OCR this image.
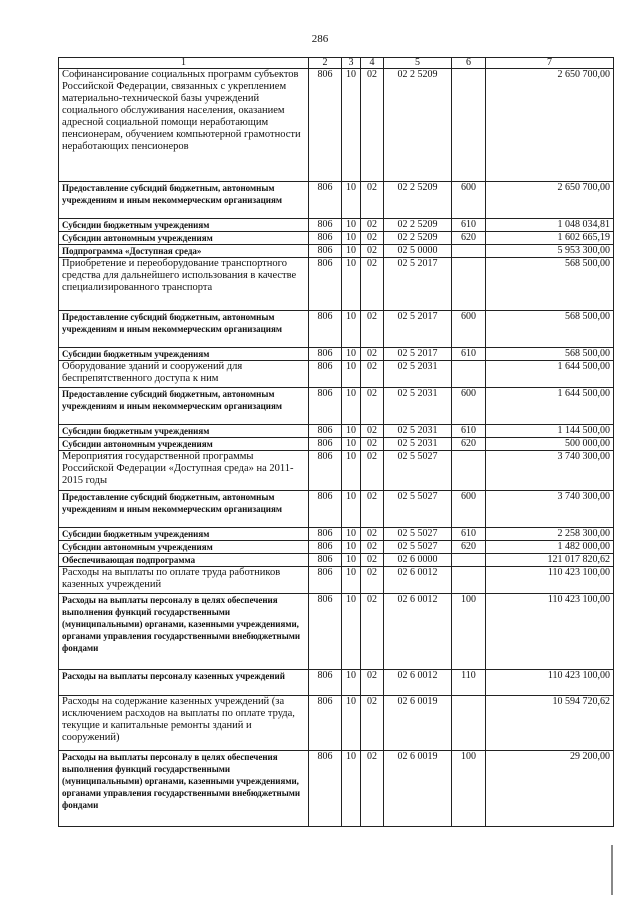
286
1	2	3	4	5	6	7
Софинансирование социальных программ субъектов Российской Федерации, связанных с укреплением материально-технической базы учреждений социального обслуживания населения, оказанием адресной социальной помощи неработающим пенсионерам, обучением компьютерной грамотности неработающих пенсионеров	806	10	02	02 2 5209		2 650 700,00
Предоставление субсидий бюджетным, автономным учреждениям и иным некоммерческим организациям	806	10	02	02 2 5209	600	2 650 700,00
Субсидии бюджетным учреждениям	806	10	02	02 2 5209	610	1 048 034,81
Субсидии автономным учреждениям	806	10	02	02 2 5209	620	1 602 665,19
Подпрограмма «Доступная среда»	806	10	02	02 5 0000		5 953 300,00
Приобретение и переоборудование транспортного средства для дальнейшего использования в качестве специализированного транспорта	806	10	02	02 5 2017		568 500,00
Предоставление субсидий бюджетным, автономным учреждениям и иным некоммерческим организациям	806	10	02	02 5 2017	600	568 500,00
Субсидии бюджетным учреждениям	806	10	02	02 5 2017	610	568 500,00
Оборудование зданий и сооружений для беспрепятственного доступа к ним	806	10	02	02 5 2031		1 644 500,00
Предоставление субсидий бюджетным, автономным учреждениям и иным некоммерческим организациям	806	10	02	02 5 2031	600	1 644 500,00
Субсидии бюджетным учреждениям	806	10	02	02 5 2031	610	1 144 500,00
Субсидии автономным учреждениям	806	10	02	02 5 2031	620	500 000,00
Мероприятия государственной программы Российской Федерации «Доступная среда» на 2011-2015 годы	806	10	02	02 5 5027		3 740 300,00
Предоставление субсидий бюджетным, автономным учреждениям и иным некоммерческим организациям	806	10	02	02 5 5027	600	3 740 300,00
Субсидии бюджетным учреждениям	806	10	02	02 5 5027	610	2 258 300,00
Субсидии автономным учреждениям	806	10	02	02 5 5027	620	1 482 000,00
Обеспечивающая подпрограмма	806	10	02	02 6 0000		121 017 820,62
Расходы на выплаты по оплате труда работников казенных учреждений	806	10	02	02 6 0012		110 423 100,00
Расходы на выплаты персоналу в целях обеспечения выполнения функций государственными (муниципальными) органами, казенными учреждениями, органами управления государственными внебюджетными фондами	806	10	02	02 6 0012	100	110 423 100,00
Расходы на выплаты персоналу казенных учреждений	806	10	02	02 6 0012	110	110 423 100,00
Расходы на содержание казенных учреждений (за исключением расходов на выплаты по оплате труда, текущие и капитальные ремонты зданий и сооружений)	806	10	02	02 6 0019		10 594 720,62
Расходы на выплаты персоналу в целях обеспечения выполнения функций государственными (муниципальными) органами, казенными учреждениями, органами управления государственными внебюджетными фондами	806	10	02	02 6 0019	100	29 200,00
